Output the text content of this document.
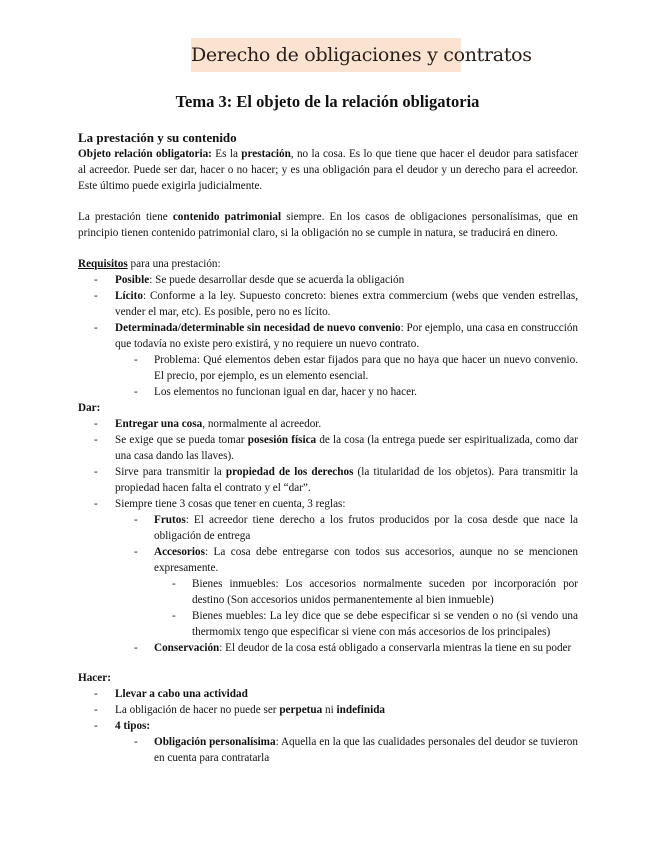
Derecho de obligaciones y contratos
Tema 3: El objeto de la relación obligatoria
La prestación y su contenido
Objeto relación obligatoria: Es la prestación, no la cosa. Es lo que tiene que hacer el deudor para satisfacer al acreedor. Puede ser dar, hacer o no hacer; y es una obligación para el deudor y un derecho para el acreedor. Este último puede exigirla judicialmente.
La prestación tiene contenido patrimonial siempre. En los casos de obligaciones personalísimas, que en principio tienen contenido patrimonial claro, si la obligación no se cumple in natura, se traducirá en dinero.
Requisitos para una prestación:
- Posible: Se puede desarrollar desde que se acuerda la obligación
- Lícito: Conforme a la ley. Supuesto concreto: bienes extra commercium (webs que venden estrellas, vender el mar, etc). Es posible, pero no es lícito.
- Determinada/determinable sin necesidad de nuevo convenio: Por ejemplo, una casa en construcción que todavía no existe pero existirá, y no requiere un nuevo contrato.
- Problema: Qué elementos deben estar fijados para que no haya que hacer un nuevo convenio. El precio, por ejemplo, es un elemento esencial.
- Los elementos no funcionan igual en dar, hacer y no hacer.
Dar:
- Entregar una cosa, normalmente al acreedor.
- Se exige que se pueda tomar posesión física de la cosa (la entrega puede ser espiritualizada, como dar una casa dando las llaves).
- Sirve para transmitir la propiedad de los derechos (la titularidad de los objetos). Para transmitir la propiedad hacen falta el contrato y el “dar”.
- Siempre tiene 3 cosas que tener en cuenta, 3 reglas:
- Frutos: El acreedor tiene derecho a los frutos producidos por la cosa desde que nace la obligación de entrega
- Accesorios: La cosa debe entregarse con todos sus accesorios, aunque no se mencionen expresamente.
- Bienes inmuebles: Los accesorios normalmente suceden por incorporación por destino (Son accesorios unidos permanentemente al bien inmueble)
- Bienes muebles: La ley dice que se debe especificar si se venden o no (si vendo una thermomix tengo que especificar si viene con más accesorios de los principales)
- Conservación: El deudor de la cosa está obligado a conservarla mientras la tiene en su poder
Hacer:
- Llevar a cabo una actividad
- La obligación de hacer no puede ser perpetua ni indefinida
- 4 tipos:
- Obligación personalísima: Aquella en la que las cualidades personales del deudor se tuvieron en cuenta para contratarla
